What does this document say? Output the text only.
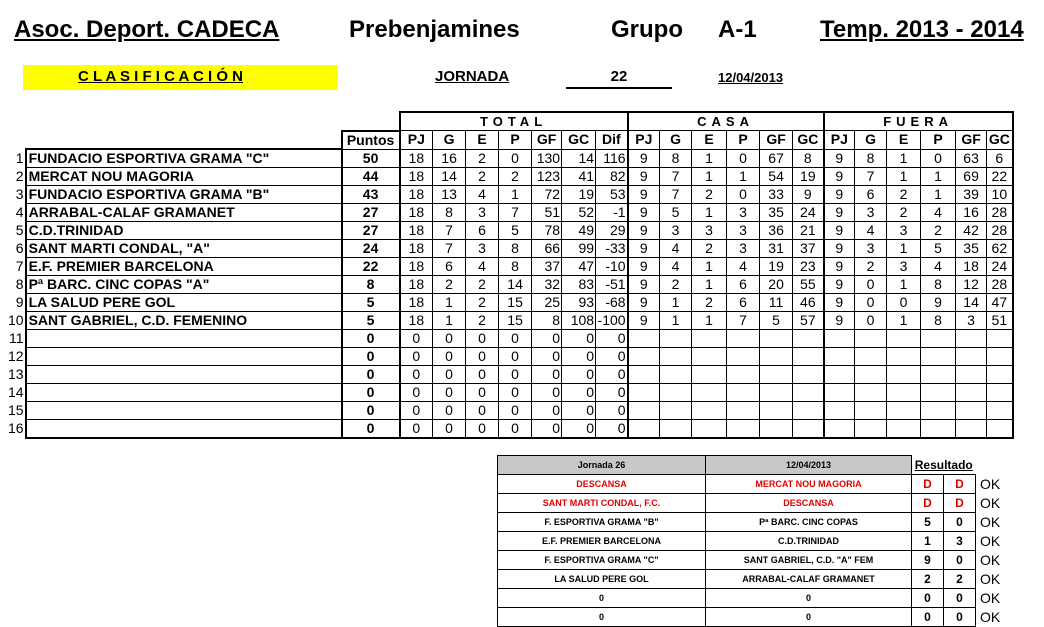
Asoc. Deport. CADECA	Prebenjamines	Grupo A-1	Temp. 2013 - 2014
C L A S I F I C A C I Ó N	JORNADA	22	12/04/2013
			TOTAL							CASA						FUERA					
		Puntos	PJ	G	E	P	GF	GC	Dif	PJ	G	E	P	GF	GC	PJ	G	E	P	GF	GC
1	FUNDACIO ESPORTIVA GRAMA "C"	50	18	16	2	0	130	14	116	9	8	1	0	67	8	9	8	1	0	63	6
2	MERCAT NOU MAGORIA	44	18	14	2	2	123	41	82	9	7	1	1	54	19	9	7	1	1	69	22
3	FUNDACIO ESPORTIVA GRAMA "B"	43	18	13	4	1	72	19	53	9	7	2	0	33	9	9	6	2	1	39	10
4	ARRABAL-CALAF GRAMANET	27	18	8	3	7	51	52	-1	9	5	1	3	35	24	9	3	2	4	16	28
5	C.D.TRINIDAD	27	18	7	6	5	78	49	29	9	3	3	3	36	21	9	4	3	2	42	28
6	SANT MARTI CONDAL, "A"	24	18	7	3	8	66	99	-33	9	4	2	3	31	37	9	3	1	5	35	62
7	E.F. PREMIER BARCELONA	22	18	6	4	8	37	47	-10	9	4	1	4	19	23	9	2	3	4	18	24
8	Pª BARC. CINC COPAS "A"	8	18	2	2	14	32	83	-51	9	2	1	6	20	55	9	0	1	8	12	28
9	LA SALUD PERE GOL	5	18	1	2	15	25	93	-68	9	1	2	6	11	46	9	0	0	9	14	47
10	SANT GABRIEL, C.D. FEMENINO	5	18	1	2	15	8	108	-100	9	1	1	7	5	57	9	0	1	8	3	51
11		0	0	0	0	0	0	0	0												
12		0	0	0	0	0	0	0	0												
13		0	0	0	0	0	0	0	0												
14		0	0	0	0	0	0	0	0												
15		0	0	0	0	0	0	0	0												
16		0	0	0	0	0	0	0	0												
Jornada 26	12/04/2013	Resultado		
DESCANSA	MERCAT NOU MAGORIA	D	D	OK
SANT MARTI CONDAL, F.C.	DESCANSA	D	D	OK
F. ESPORTIVA GRAMA "B"	Pª BARC. CINC COPAS	5	0	OK
E.F. PREMIER BARCELONA	C.D.TRINIDAD	1	3	OK
F. ESPORTIVA GRAMA "C"	SANT GABRIEL, C.D. "A" FEM	9	0	OK
LA SALUD PERE GOL	ARRABAL-CALAF GRAMANET	2	2	OK
0	0	0	0	OK
0	0	0	0	OK
